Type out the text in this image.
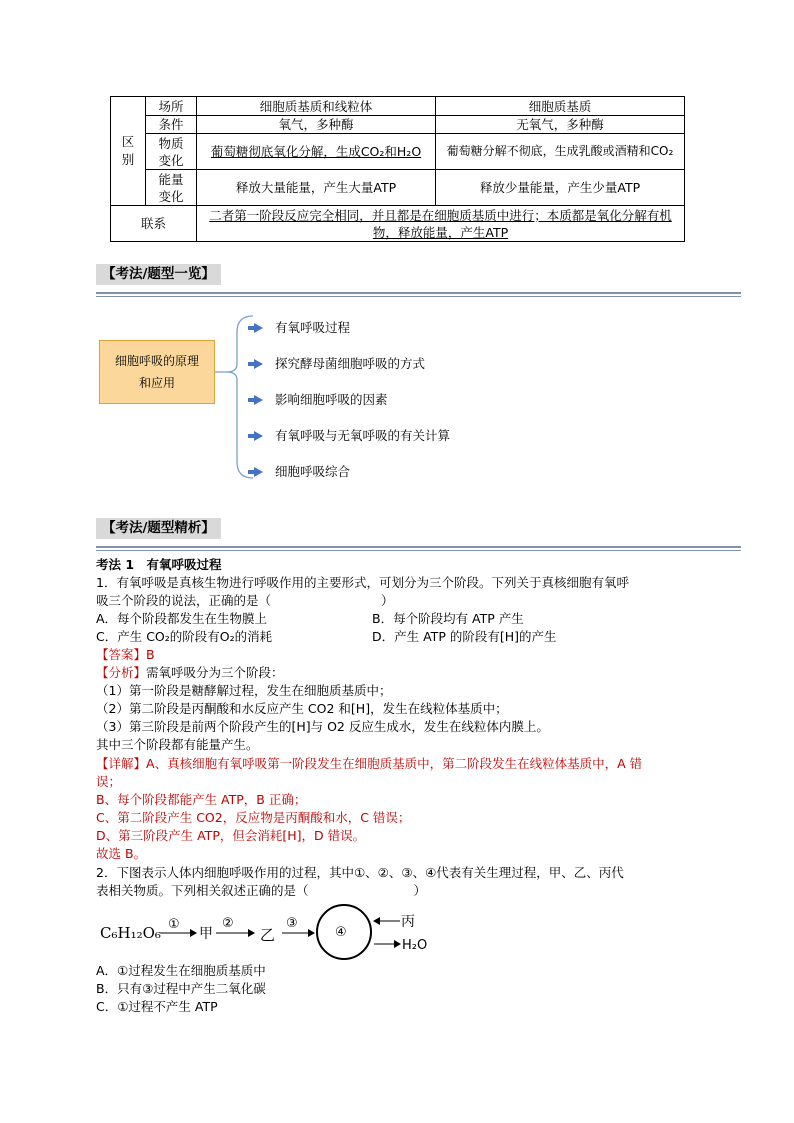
区别	场所	细胞质基质和线粒体	细胞质基质
	条件	氧气，多种酶	无氧气，多种酶
	物质变化	葡萄糖彻底氧化分解，生成CO₂和H₂O	葡萄糖分解不彻底，生成乳酸或酒精和CO₂
	能量变化	释放大量能量，产生大量ATP	释放少量能量，产生少量ATP
联系		二者第一阶段反应完全相同，并且都是在细胞质基质中进行；本质都是氧化分解有机物，释放能量，产生ATP	
【考法/题型一览】
细胞呼吸的原理和应用
有氧呼吸过程
探究酵母菌细胞呼吸的方式
影响细胞呼吸的因素
有氧呼吸与无氧呼吸的有关计算
细胞呼吸综合
【考法/题型精析】
考法 1　有氧呼吸过程
1．有氧呼吸是真核生物进行呼吸作用的主要形式，可划分为三个阶段。下列关于真核细胞有氧呼
吸三个阶段的说法，正确的是（	）
A．每个阶段都发生在生物膜上	B．每个阶段均有 ATP 产生
C．产生 CO₂的阶段有O₂的消耗	D．产生 ATP 的阶段有[H]的产生
【答案】B
【分析】需氧呼吸分为三个阶段：
（1）第一阶段是糖酵解过程，发生在细胞质基质中；
（2）第二阶段是丙酮酸和水反应产生 CO2 和[H]，发生在线粒体基质中；
（3）第三阶段是前两个阶段产生的[H]与 O2 反应生成水，发生在线粒体内膜上。
其中三个阶段都有能量产生。
【详解】A、真核细胞有氧呼吸第一阶段发生在细胞质基质中，第二阶段发生在线粒体基质中，A 错
误；
B、每个阶段都能产生 ATP，B 正确；
C、第二阶段产生 CO2，反应物是丙酮酸和水，C 错误；
D、第三阶段产生 ATP，但会消耗[H]，D 错误。
故选 B。
2．下图表示人体内细胞呼吸作用的过程，其中①、②、③、④代表有关生理过程，甲、乙、丙代
表相关物质。下列相关叙述正确的是（	）
C₆H₁₂O₆ ①
甲
②
乙
③
④
丙
H₂O
A．①过程发生在细胞质基质中
B．只有③过程中产生二氧化碳
C．①过程不产生 ATP
